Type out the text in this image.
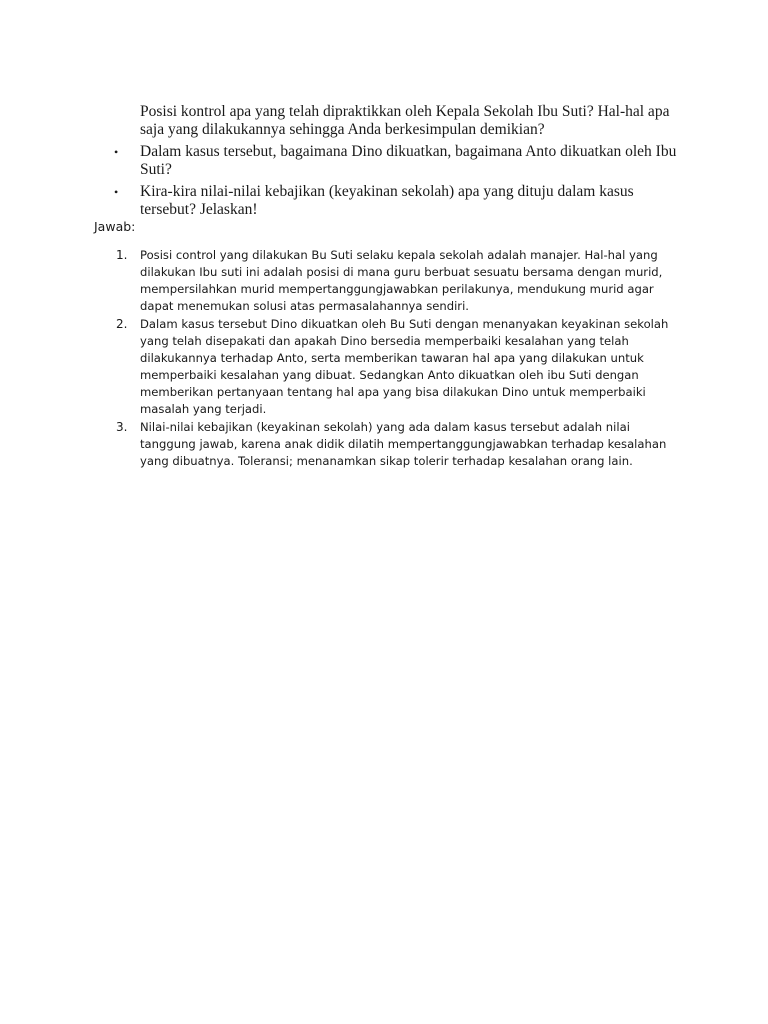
Posisi kontrol apa yang telah dipraktikkan oleh Kepala Sekolah Ibu Suti? Hal-hal apa saja yang dilakukannya sehingga Anda berkesimpulan demikian?

• Dalam kasus tersebut, bagaimana Dino dikuatkan, bagaimana Anto dikuatkan oleh Ibu Suti?
• Kira-kira nilai-nilai kebajikan (keyakinan sekolah) apa yang dituju dalam kasus tersebut? Jelaskan!
Jawab:
1. Posisi control yang dilakukan Bu Suti selaku kepala sekolah adalah manajer. Hal-hal yang dilakukan Ibu suti ini adalah posisi di mana guru berbuat sesuatu bersama dengan murid, mempersilahkan murid mempertanggungjawabkan perilakunya, mendukung murid agar dapat menemukan solusi atas permasalahannya sendiri.
2. Dalam kasus tersebut Dino dikuatkan oleh Bu Suti dengan menanyakan keyakinan sekolah yang telah disepakati dan apakah Dino bersedia memperbaiki kesalahan yang telah dilakukannya terhadap Anto, serta memberikan tawaran hal apa yang dilakukan untuk memperbaiki kesalahan yang dibuat. Sedangkan Anto dikuatkan oleh ibu Suti dengan memberikan pertanyaan tentang hal apa yang bisa dilakukan Dino untuk memperbaiki masalah yang terjadi.
3. Nilai-nilai kebajikan (keyakinan sekolah) yang ada dalam kasus tersebut adalah nilai tanggung jawab, karena anak didik dilatih mempertanggungjawabkan terhadap kesalahan yang dibuatnya. Toleransi; menanamkan sikap tolerir terhadap kesalahan orang lain.
